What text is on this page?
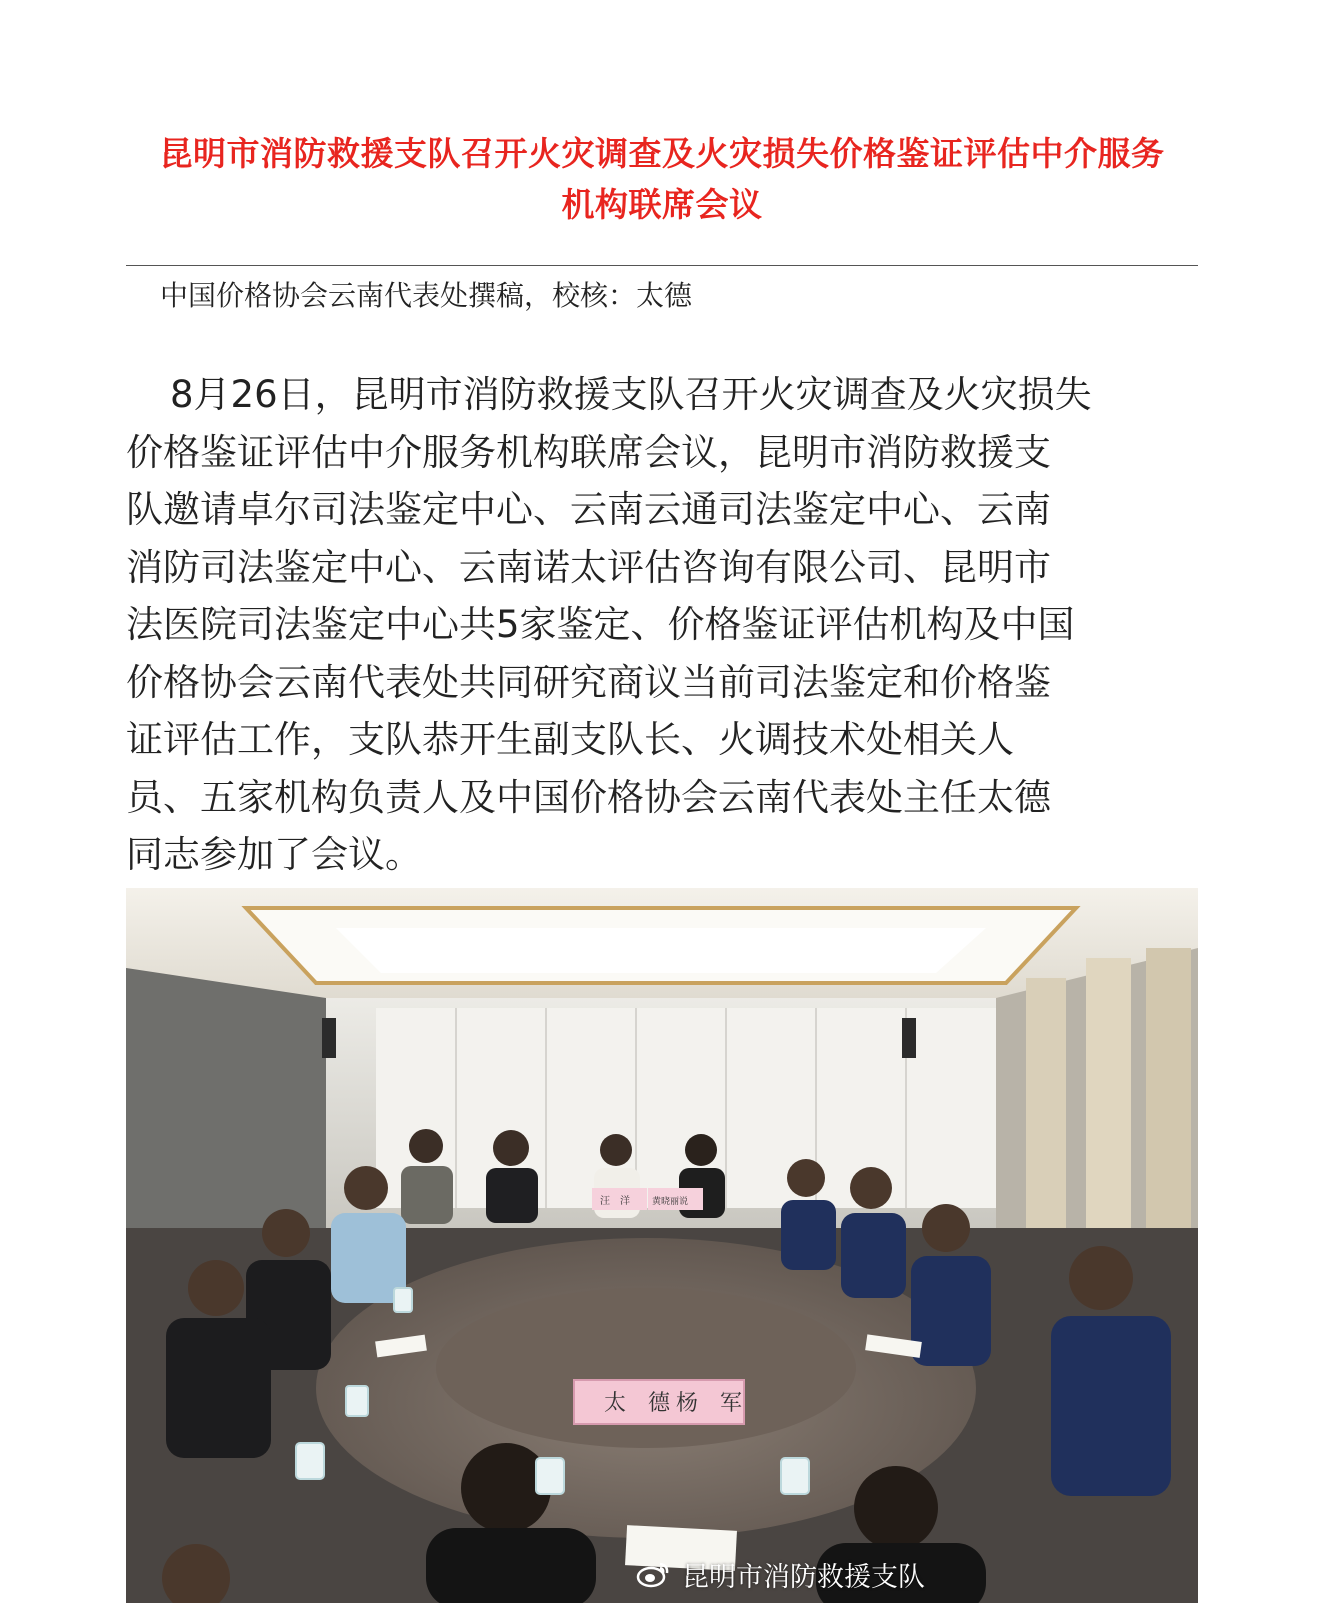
昆明市消防救援支队召开火灾调查及火灾损失价格鉴证评估中介服务
机构联席会议
中国价格协会云南代表处撰稿，校核：太德
8月26日，昆明市消防救援支队召开火灾调查及火灾损失
价格鉴证评估中介服务机构联席会议，昆明市消防救援支
队邀请卓尔司法鉴定中心、云南云通司法鉴定中心、云南
消防司法鉴定中心、云南诺太评估咨询有限公司、昆明市
法医院司法鉴定中心共5家鉴定、价格鉴证评估机构及中国
价格协会云南代表处共同研究商议当前司法鉴定和价格鉴
证评估工作，支队恭开生副支队长、火调技术处相关人
员、五家机构负责人及中国价格协会云南代表处主任太德
同志参加了会议。
太　德 杨　军
汪　洋 黄晓丽说
昆明市消防救援支队
